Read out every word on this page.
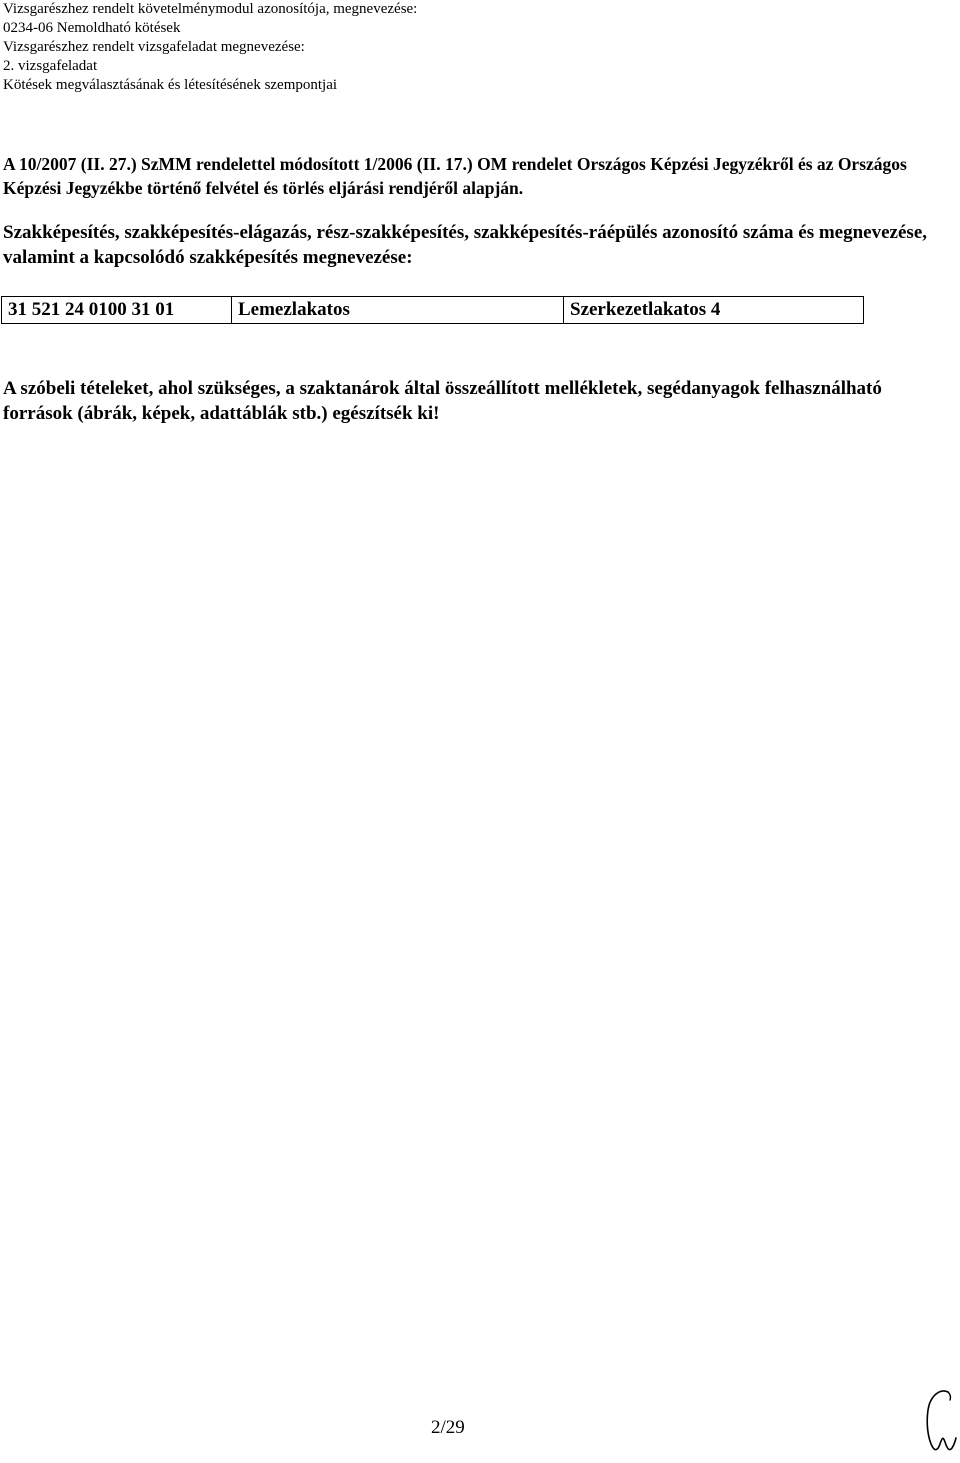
Vizsgarészhez rendelt követelménymodul azonosítója, megnevezése:
0234-06 Nemoldható kötések
Vizsgarészhez rendelt vizsgafeladat megnevezése:
2. vizsgafeladat
Kötések megválasztásának és létesítésének szempontjai
A 10/2007 (II. 27.) SzMM rendelettel módosított 1/2006 (II. 17.) OM rendelet Országos Képzési Jegyzékről és az Országos Képzési Jegyzékbe történő felvétel és törlés eljárási rendjéről alapján.
Szakképesítés, szakképesítés-elágazás, rész-szakképesítés, szakképesítés-ráépülés azonosító száma és megnevezése, valamint a kapcsolódó szakképesítés megnevezése:
31 521 24 0100 31 01	Lemezlakatos	Szerkezetlakatos 4
A szóbeli tételeket, ahol szükséges, a szaktanárok által összeállított mellékletek, segédanyagok felhasználható források (ábrák, képek, adattáblák stb.) egészítsék ki!
2/29
